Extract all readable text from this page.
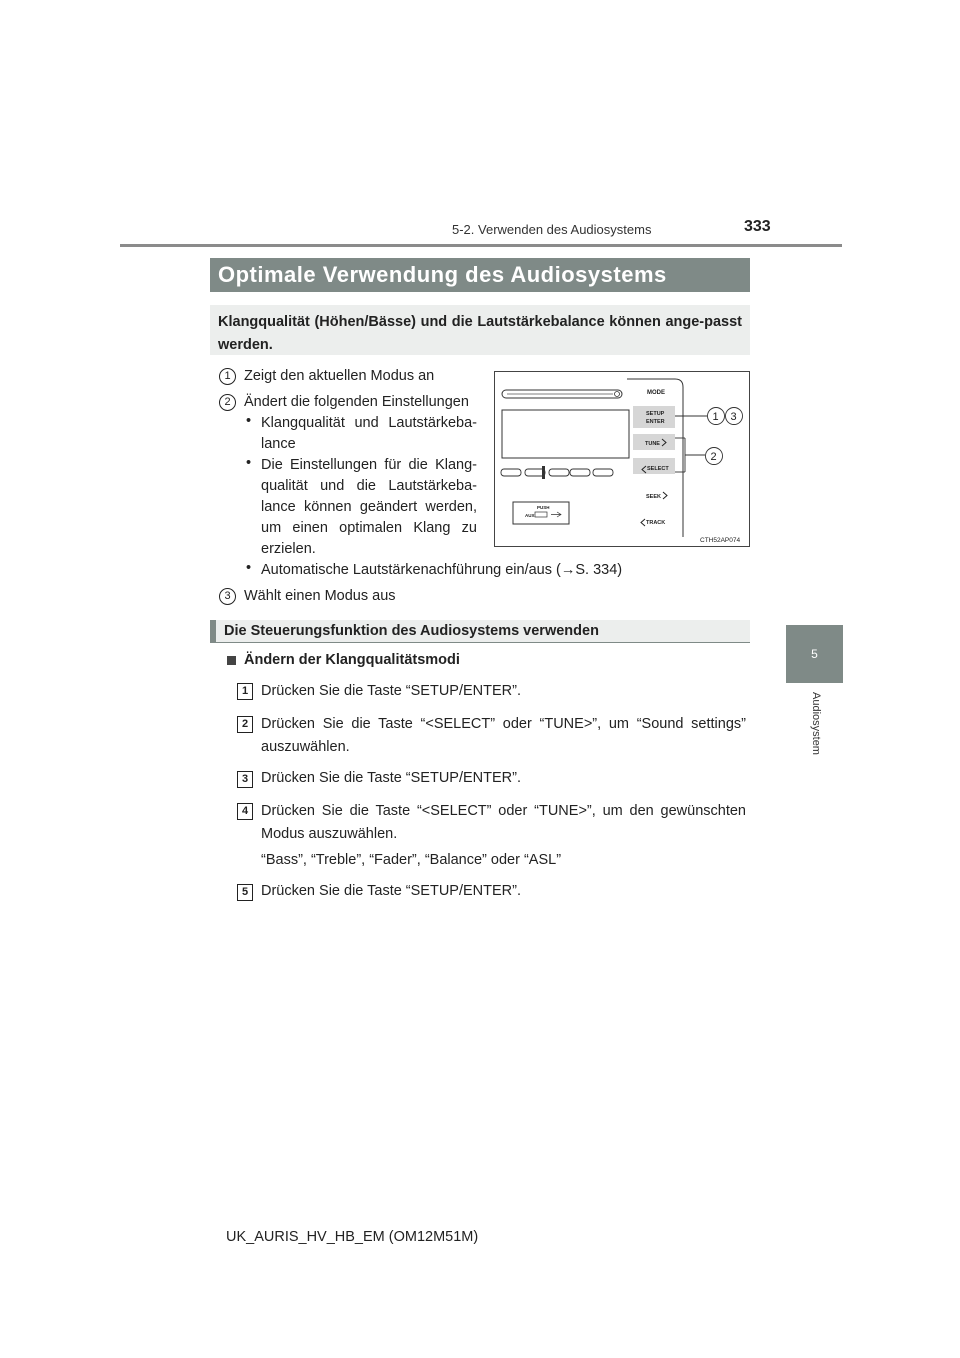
5-2. Verwenden des Audiosystems	333
5
Audiosystem
Optimale Verwendung des Audiosystems
Klangqualität (Höhen/Bässe) und die Lautstärkebalance können ange-passt werden.
1 Zeigt den aktuellen Modus an
2 Ändert die folgenden Einstellungen
• Klangqualität und Lautstärkeba-
lance
• Die Einstellungen für die Klang-
qualität und die Lautstärkeba-
lance können geändert werden,
um einen optimalen Klang zu
erzielen.
• Automatische Lautstärkenachführung ein/aus (→S. 334)
3 Wählt einen Modus aus
MODE
SETUP
ENTER
TUNE
SELECT
SEEK
TRACK
PUSH
AUX
1 3
2
CTH52AP074
Die Steuerungsfunktion des Audiosystems verwenden
Ändern der Klangqualitätsmodi
1 Drücken Sie die Taste “SETUP/ENTER”.
2 Drücken Sie die Taste “<SELECT” oder “TUNE>”, um “Sound settings”
auszuwählen.
3 Drücken Sie die Taste “SETUP/ENTER”.
4 Drücken Sie die Taste “<SELECT” oder “TUNE>”, um den gewünschten
Modus auszuwählen.
“Bass”, “Treble”, “Fader”, “Balance” oder “ASL”
5 Drücken Sie die Taste “SETUP/ENTER”.
UK_AURIS_HV_HB_EM (OM12M51M)
